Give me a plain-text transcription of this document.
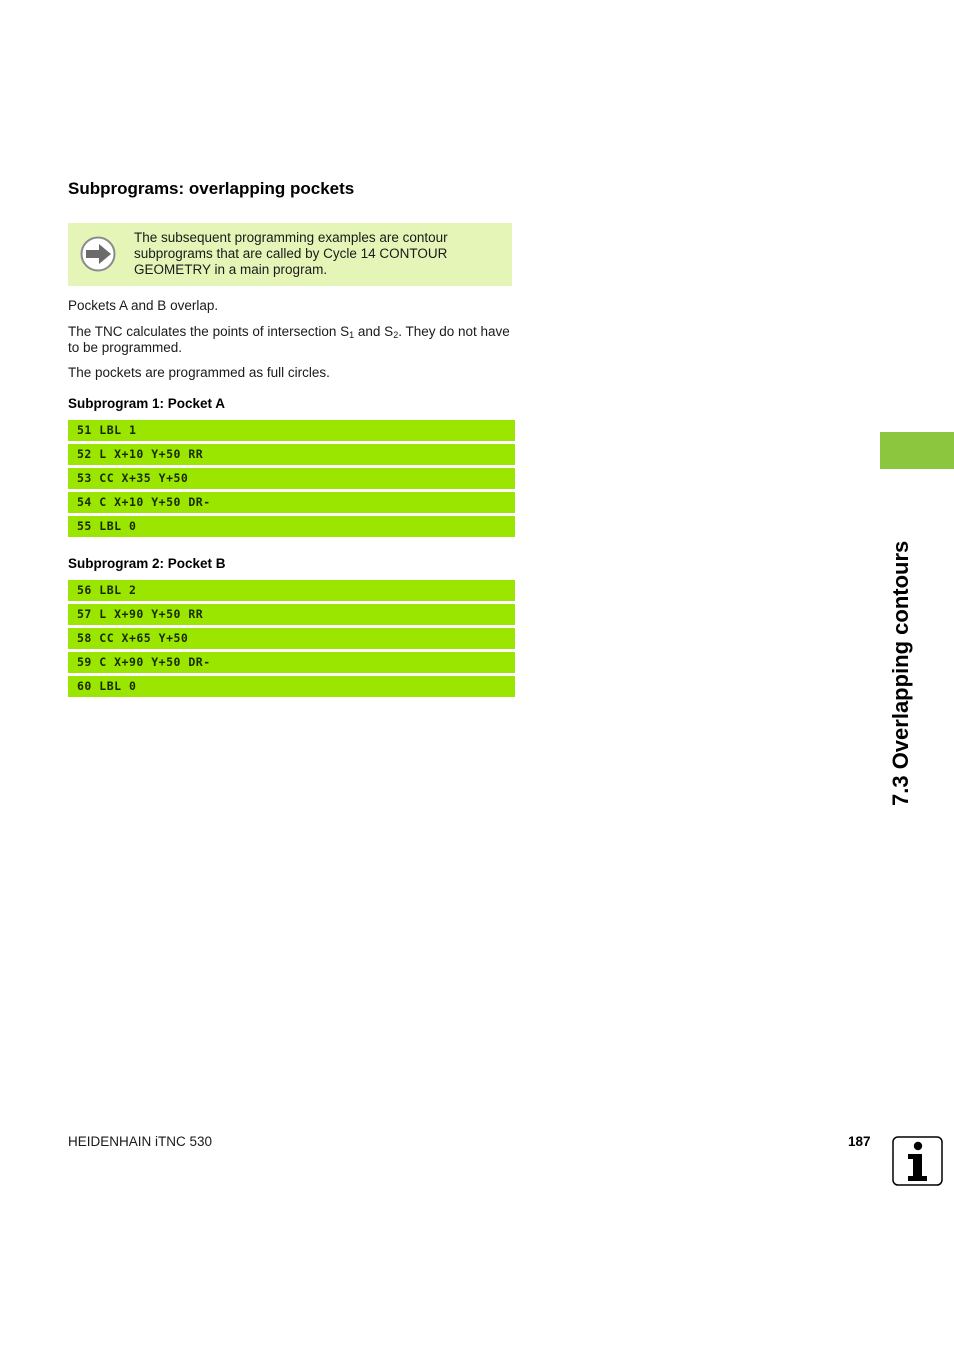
7.3 Overlapping contours
Subprograms: overlapping pockets
The subsequent programming examples are contour subprograms that are called by Cycle 14 CONTOUR GEOMETRY in a main program.

Pockets A and B overlap.

The TNC calculates the points of intersection $S_1$ and $S_2$. They do not have to be programmed.

The pockets are programmed as full circles.

Subprogram 1: Pocket A

51 LBL 1
52 L X+10 Y+50 RR
53 CC X+35 Y+50
54 C X+10 Y+50 DR-
55 LBL 0

Subprogram 2: Pocket B

56 LBL 2
57 L X+90 Y+50 RR
58 CC X+65 Y+50
59 C X+90 Y+50 DR-
60 LBL 0
HEIDENHAIN iTNC 530	187
